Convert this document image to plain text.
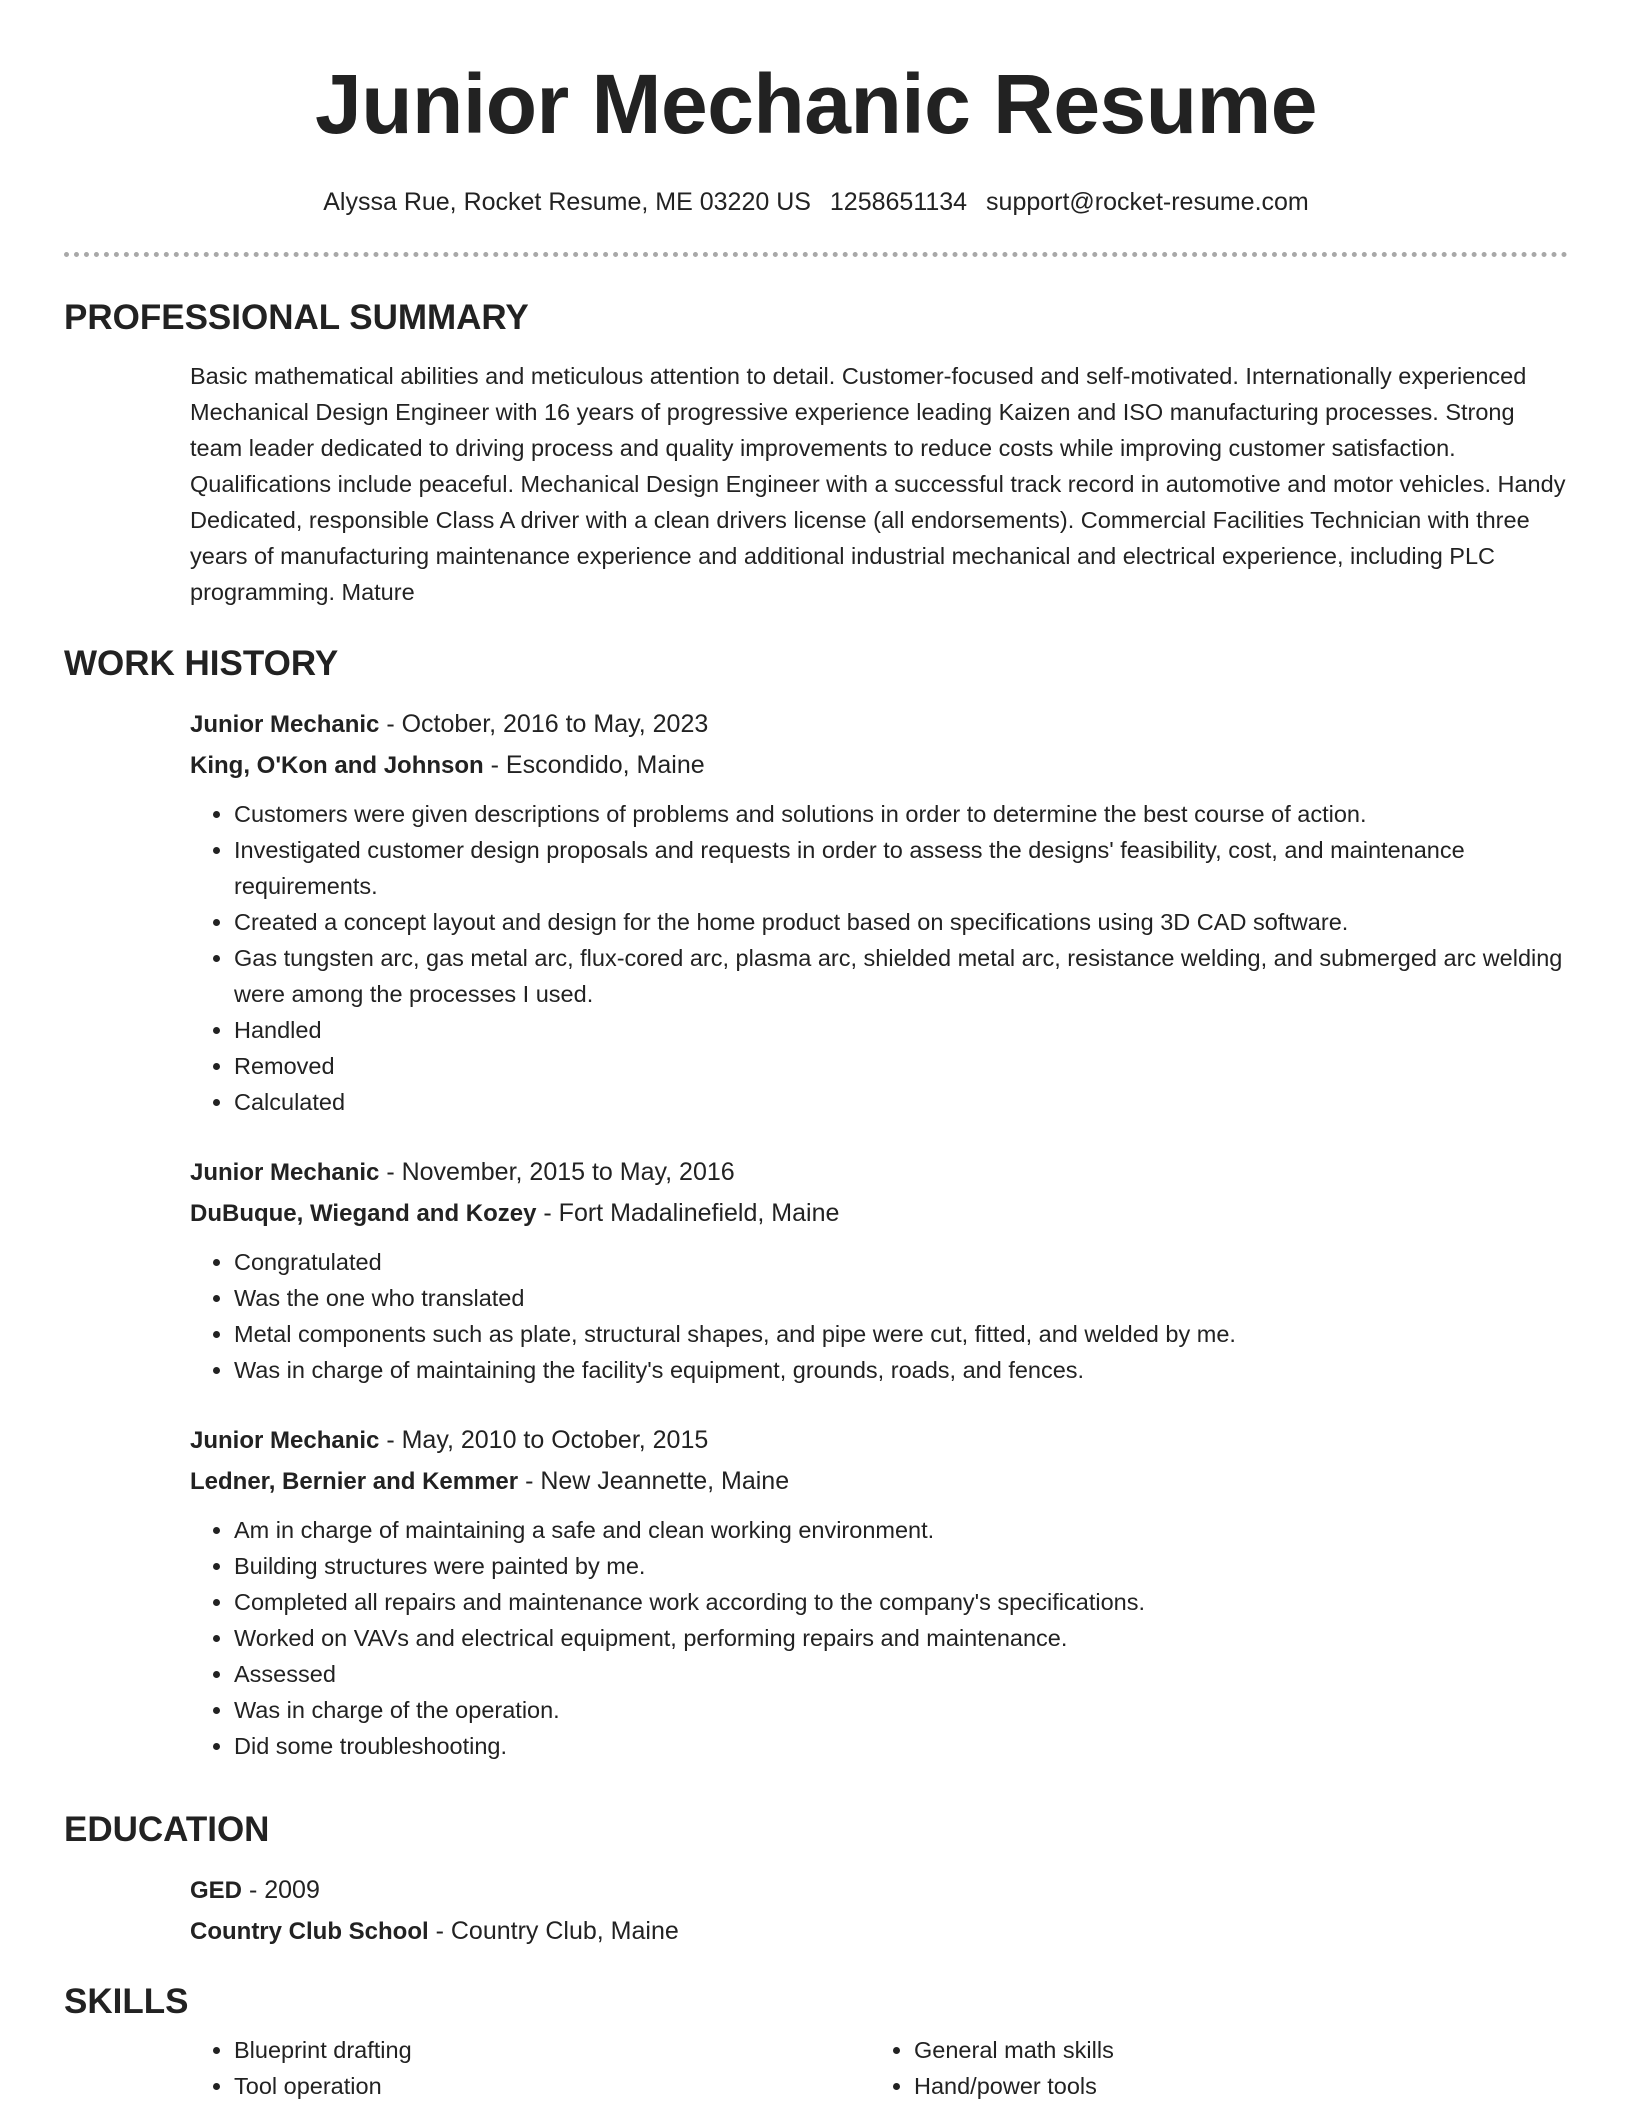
Junior Mechanic Resume
Alyssa Rue, Rocket Resume, ME 03220 US 1258651134 support@rocket-resume.com
PROFESSIONAL SUMMARY

Basic mathematical abilities and meticulous attention to detail. Customer-focused and self-motivated. Internationally experienced Mechanical Design Engineer with 16 years of progressive experience leading Kaizen and ISO manufacturing processes. Strong team leader dedicated to driving process and quality improvements to reduce costs while improving customer satisfaction. Qualifications include peaceful. Mechanical Design Engineer with a successful track record in automotive and motor vehicles. Handy Dedicated, responsible Class A driver with a clean drivers license (all endorsements). Commercial Facilities Technician with three years of manufacturing maintenance experience and additional industrial mechanical and electrical experience, including PLC programming. Mature

WORK HISTORY
Junior Mechanic - October, 2016 to May, 2023
King, O'Kon and Johnson - Escondido, Maine
• Customers were given descriptions of problems and solutions in order to determine the best course of action.
• Investigated customer design proposals and requests in order to assess the designs' feasibility, cost, and maintenance requirements.
• Created a concept layout and design for the home product based on specifications using 3D CAD software.
• Gas tungsten arc, gas metal arc, flux-cored arc, plasma arc, shielded metal arc, resistance welding, and submerged arc welding were among the processes I used.
• Handled
• Removed
• Calculated
Junior Mechanic - November, 2015 to May, 2016
DuBuque, Wiegand and Kozey - Fort Madalinefield, Maine
• Congratulated
• Was the one who translated
• Metal components such as plate, structural shapes, and pipe were cut, fitted, and welded by me.
• Was in charge of maintaining the facility's equipment, grounds, roads, and fences.
Junior Mechanic - May, 2010 to October, 2015
Ledner, Bernier and Kemmer - New Jeannette, Maine
• Am in charge of maintaining a safe and clean working environment.
• Building structures were painted by me.
• Completed all repairs and maintenance work according to the company's specifications.
• Worked on VAVs and electrical equipment, performing repairs and maintenance.
• Assessed
• Was in charge of the operation.
• Did some troubleshooting.
EDUCATION
GED - 2009
Country Club School - Country Club, Maine
SKILLS
• Blueprint drafting
• Tool operation
• General math skills
• Hand/power tools
